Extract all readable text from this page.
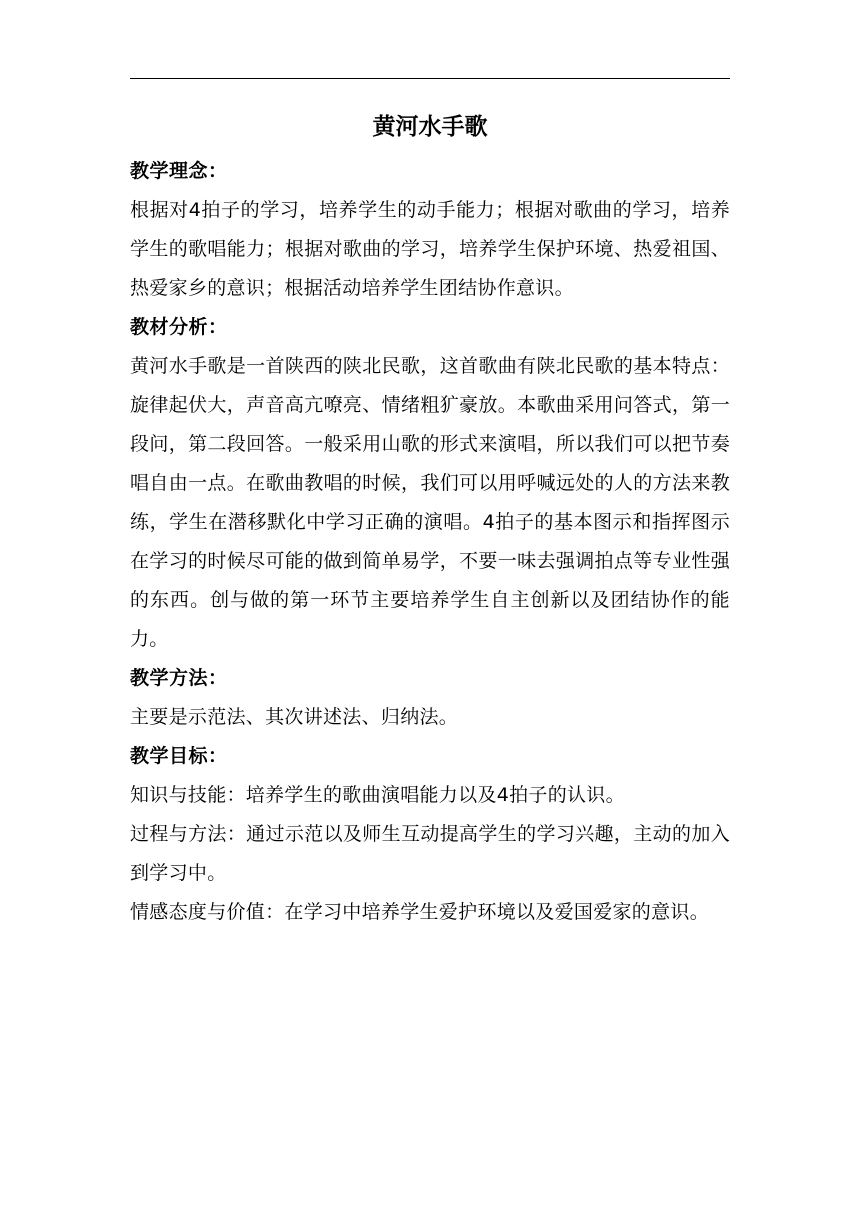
黄河水手歌

教学理念：

根据对4拍子的学习，培养学生的动手能力；根据对歌曲的学习，培养学生的歌唱能力；根据对歌曲的学习，培养学生保护环境、热爱祖国、热爱家乡的意识；根据活动培养学生团结协作意识。

教材分析：

黄河水手歌是一首陕西的陕北民歌，这首歌曲有陕北民歌的基本特点：旋律起伏大，声音高亢嘹亮、情绪粗犷豪放。本歌曲采用问答式，第一段问，第二段回答。一般采用山歌的形式来演唱，所以我们可以把节奏唱自由一点。在歌曲教唱的时候，我们可以用呼喊远处的人的方法来教练，学生在潜移默化中学习正确的演唱。4拍子的基本图示和指挥图示在学习的时候尽可能的做到简单易学，不要一味去强调拍点等专业性强的东西。创与做的第一环节主要培养学生自主创新以及团结协作的能力。

教学方法：

主要是示范法、其次讲述法、归纳法。

教学目标：

知识与技能：培养学生的歌曲演唱能力以及4拍子的认识。

过程与方法：通过示范以及师生互动提高学生的学习兴趣，主动的加入到学习中。

情感态度与价值：在学习中培养学生爱护环境以及爱国爱家的意识。
